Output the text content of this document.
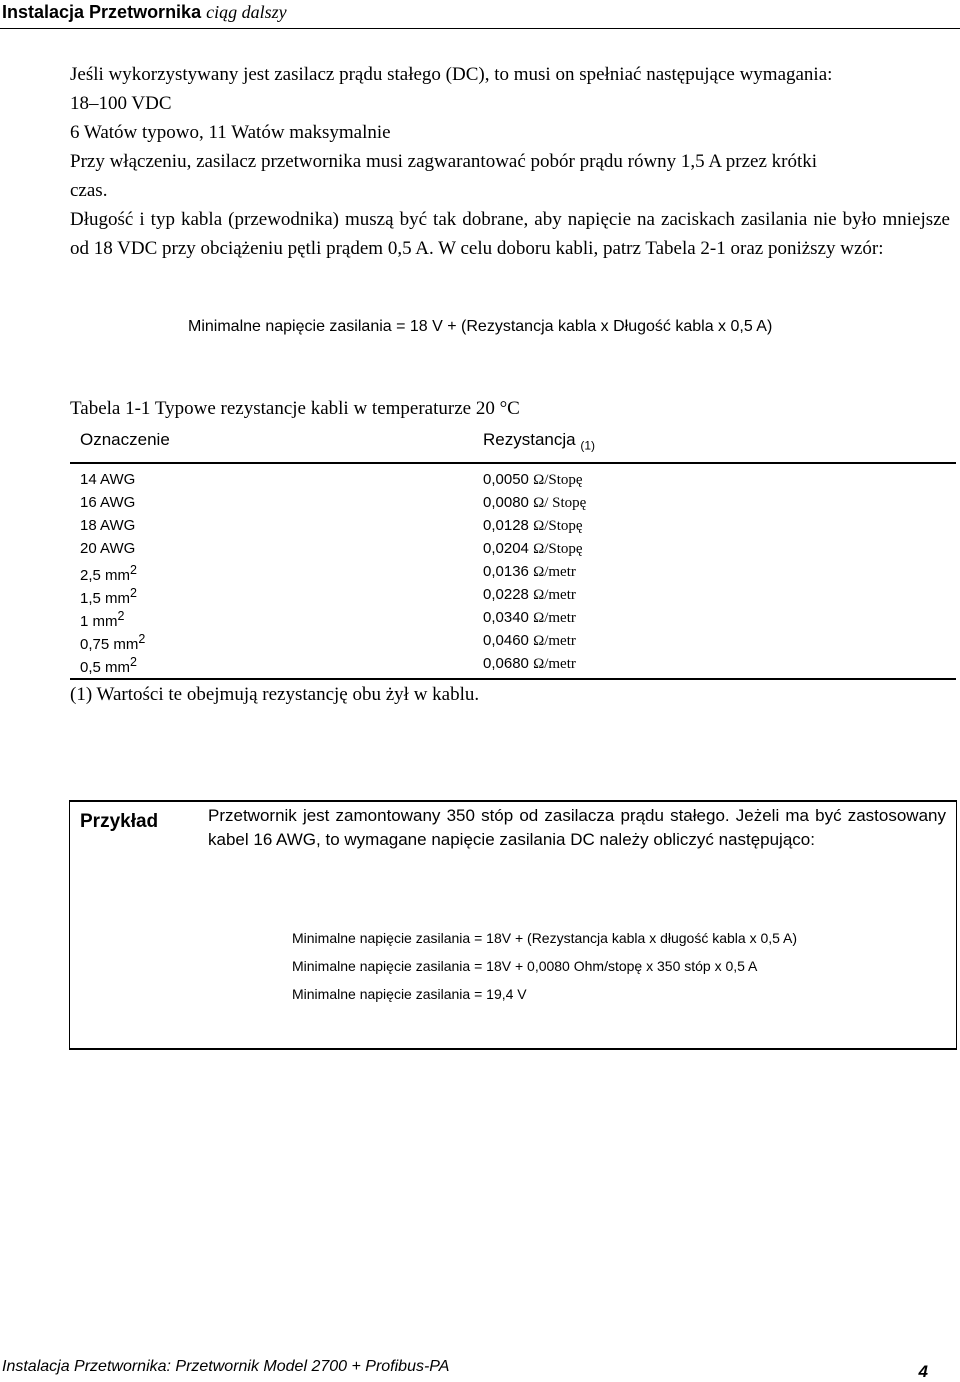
Instalacja Przetwornika ciąg dalszy
Jeśli wykorzystywany jest zasilacz prądu stałego (DC), to musi on spełniać następujące wymagania:
18–100 VDC
6 Watów typowo, 11 Watów maksymalnie
Przy włączeniu, zasilacz przetwornika musi zagwarantować pobór prądu równy 1,5 A przez krótki
czas.
Długość i typ kabla (przewodnika) muszą być tak dobrane, aby napięcie na zaciskach zasilania nie było mniejsze od 18 VDC przy obciążeniu pętli prądem 0,5 A. W celu doboru kabli, patrz Tabela 2-1 oraz poniższy wzór:
Minimalne napięcie zasilania = 18 V + (Rezystancja kabla x Długość kabla x 0,5 A)
Tabela 1-1 Typowe rezystancje kabli w temperaturze 20 °C
Oznaczenie	Rezystancja $_{(1)}$
14 AWG	0,0050 Ω/Stopę
16 AWG	0,0080 Ω/ Stopę
18 AWG	0,0128 Ω/Stopę
20 AWG	0,0204 Ω/Stopę
2,5 $mm^2$	0,0136 Ω/metr
1,5 $mm^2$	0,0228 Ω/metr
1 $mm^2$	0,0340 Ω/metr
0,75 $mm^2$	0,0460 Ω/metr
0,5 $mm^2$	0,0680 Ω/metr
(1) Wartości te obejmują rezystancję obu żył w kablu.
Przykład	Przetwornik jest zamontowany 350 stóp od zasilacza prądu stałego. Jeżeli ma być zastosowany kabel 16 AWG, to wymagane napięcie zasilania DC należy obliczyć następująco:
Minimalne napięcie zasilania = 18V + (Rezystancja kabla x długość kabla x 0,5 A)
Minimalne napięcie zasilania = 18V + 0,0080 Ohm/stopę x 350 stóp x 0,5 A
Minimalne napięcie zasilania = 19,4 V
Instalacja Przetwornika: Przetwornik Model 2700 + Profibus-PA	4
